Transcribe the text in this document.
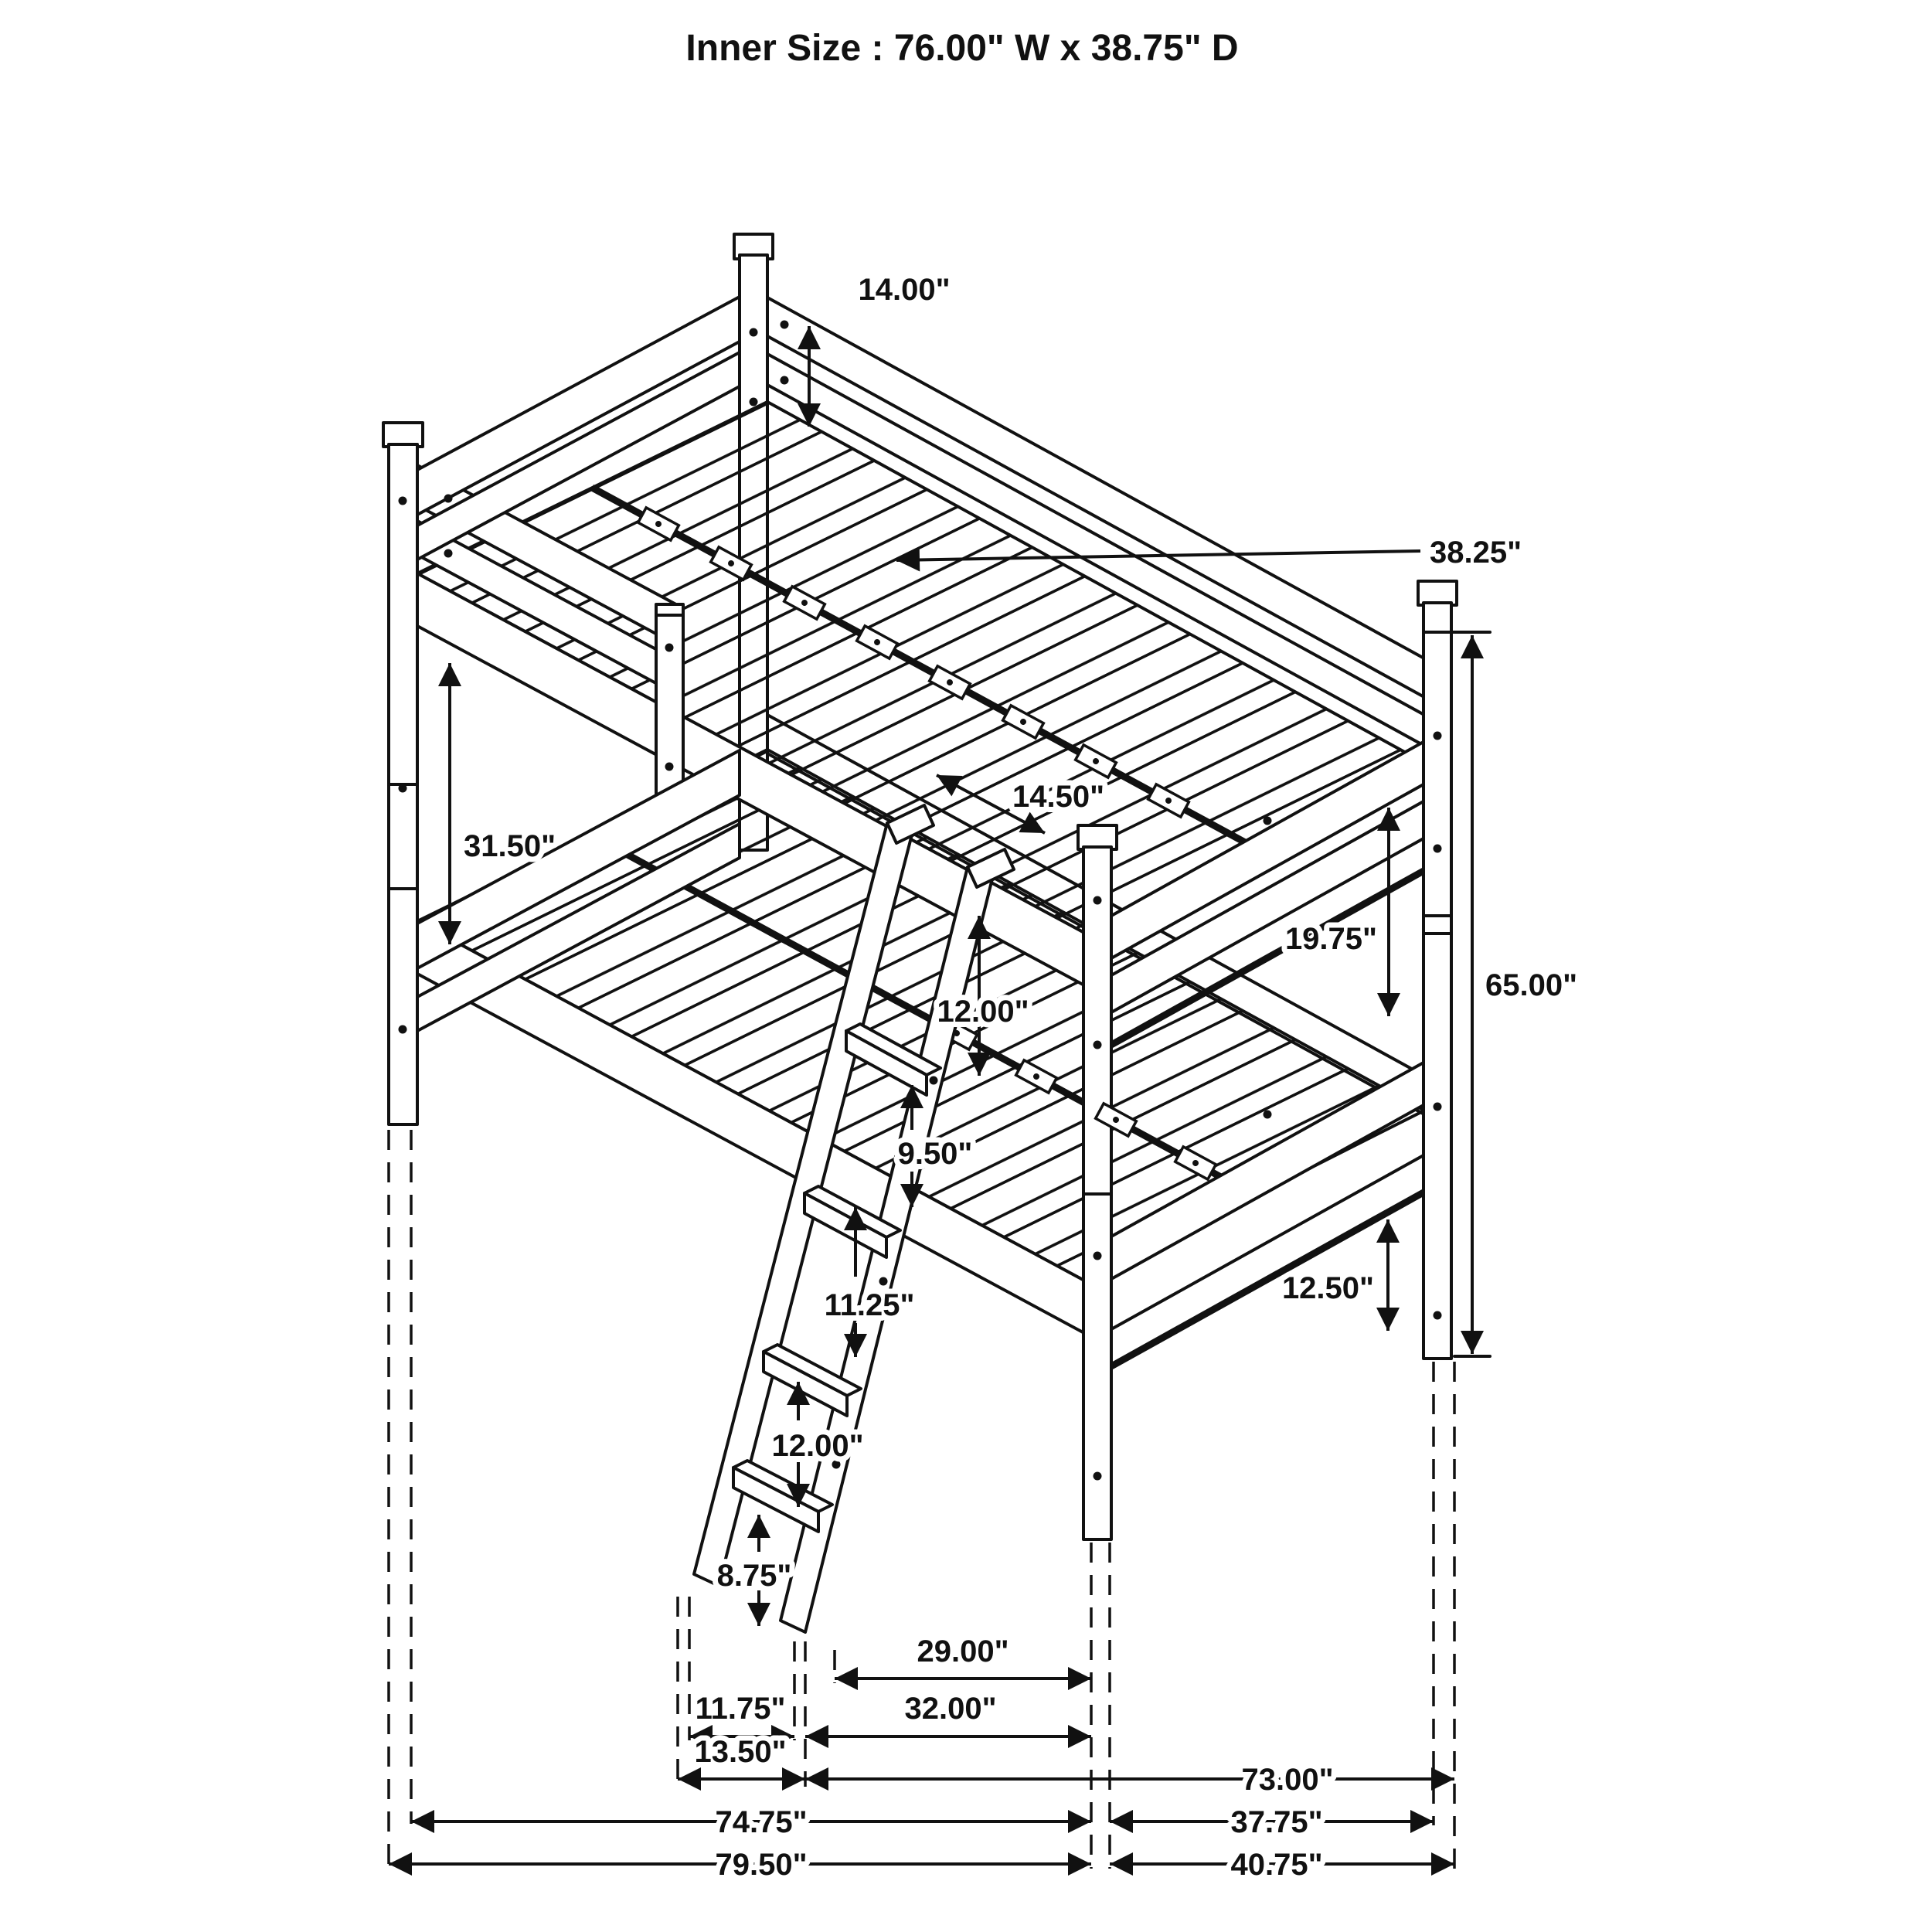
Inner Size : 76.00" W x 38.75" D
14.00"
38.25"
31.50"
14.50"
12.00"
19.75"
65.00"
9.50"
11.25"	12.50"
12.00"
8.75"
29.00"
11.75"	32.00"
13.50"
73.00"
74.75"	37.75"
79.50"	40.75"
